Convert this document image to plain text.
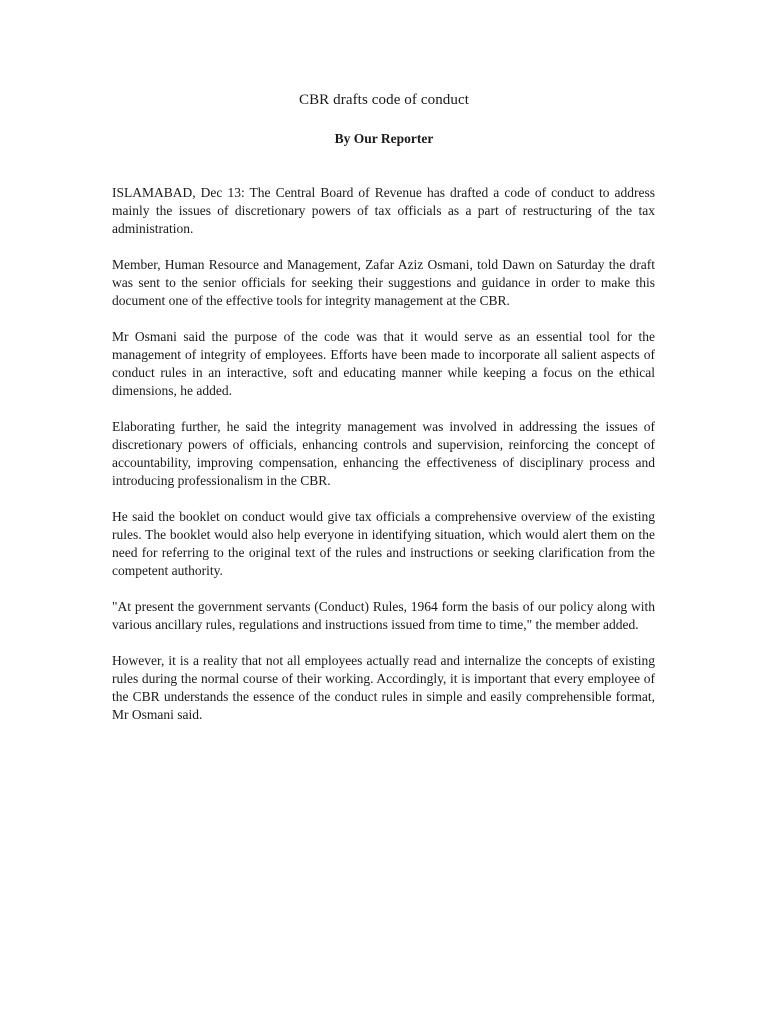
CBR drafts code of conduct
By Our Reporter

ISLAMABAD, Dec 13: The Central Board of Revenue has drafted a code of conduct to address mainly the issues of discretionary powers of tax officials as a part of restructuring of the tax administration.

Member, Human Resource and Management, Zafar Aziz Osmani, told Dawn on Saturday the draft was sent to the senior officials for seeking their suggestions and guidance in order to make this document one of the effective tools for integrity management at the CBR.

Mr Osmani said the purpose of the code was that it would serve as an essential tool for the management of integrity of employees. Efforts have been made to incorporate all salient aspects of conduct rules in an interactive, soft and educating manner while keeping a focus on the ethical dimensions, he added.

Elaborating further, he said the integrity management was involved in addressing the issues of discretionary powers of officials, enhancing controls and supervision, reinforcing the concept of accountability, improving compensation, enhancing the effectiveness of disciplinary process and introducing professionalism in the CBR.

He said the booklet on conduct would give tax officials a comprehensive overview of the existing rules. The booklet would also help everyone in identifying situation, which would alert them on the need for referring to the original text of the rules and instructions or seeking clarification from the competent authority.

"At present the government servants (Conduct) Rules, 1964 form the basis of our policy along with various ancillary rules, regulations and instructions issued from time to time," the member added.

However, it is a reality that not all employees actually read and internalize the concepts of existing rules during the normal course of their working. Accordingly, it is important that every employee of the CBR understands the essence of the conduct rules in simple and easily comprehensible format, Mr Osmani said.
